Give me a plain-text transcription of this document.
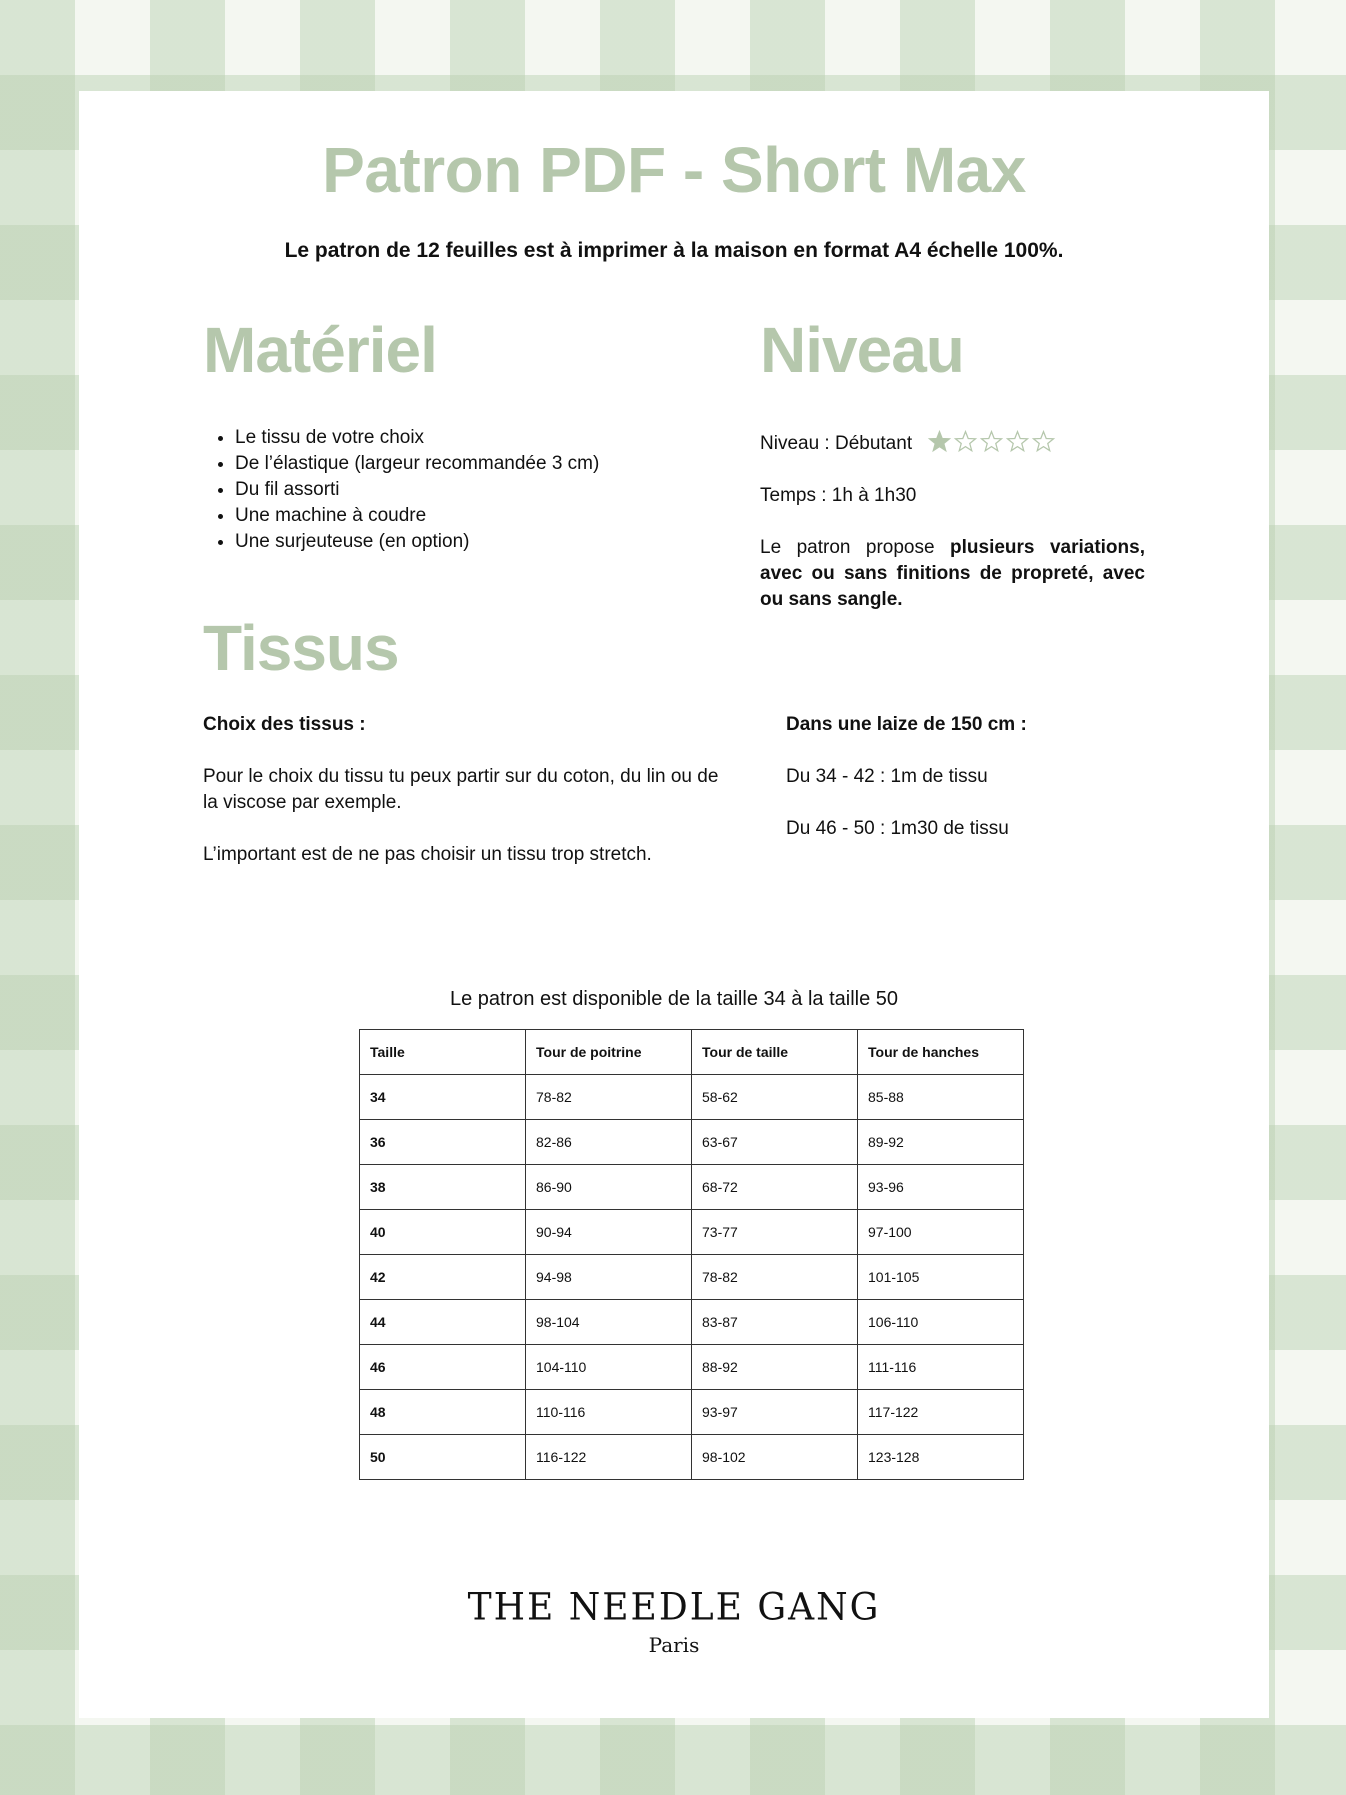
Patron PDF - Short Max
Le patron de 12 feuilles est à imprimer à la maison en format A4 échelle 100%.
Matériel
• Le tissu de votre choix
• De l’élastique (largeur recommandée 3 cm)
• Du fil assorti
• Une machine à coudre
• Une surjeuteuse (en option)
Niveau
Niveau : Débutant
Temps : 1h à 1h30
Le patron propose plusieurs variations, avec ou sans finitions de propreté, avec ou sans sangle.
Tissus
Choix des tissus :
Pour le choix du tissu tu peux partir sur du coton, du lin ou de la viscose par exemple.
L’important est de ne pas choisir un tissu trop stretch.
Dans une laize de 150 cm :
Du 34 - 42 : 1m de tissu
Du 46 - 50 : 1m30 de tissu
Le patron est disponible de la taille 34 à la taille 50
Taille	Tour de poitrine	Tour de taille	Tour de hanches
34	78-82	58-62	85-88
36	82-86	63-67	89-92
38	86-90	68-72	93-96
40	90-94	73-77	97-100
42	94-98	78-82	101-105
44	98-104	83-87	106-110
46	104-110	88-92	111-116
48	110-116	93-97	117-122
50	116-122	98-102	123-128
THE NEEDLE GANG
Paris
